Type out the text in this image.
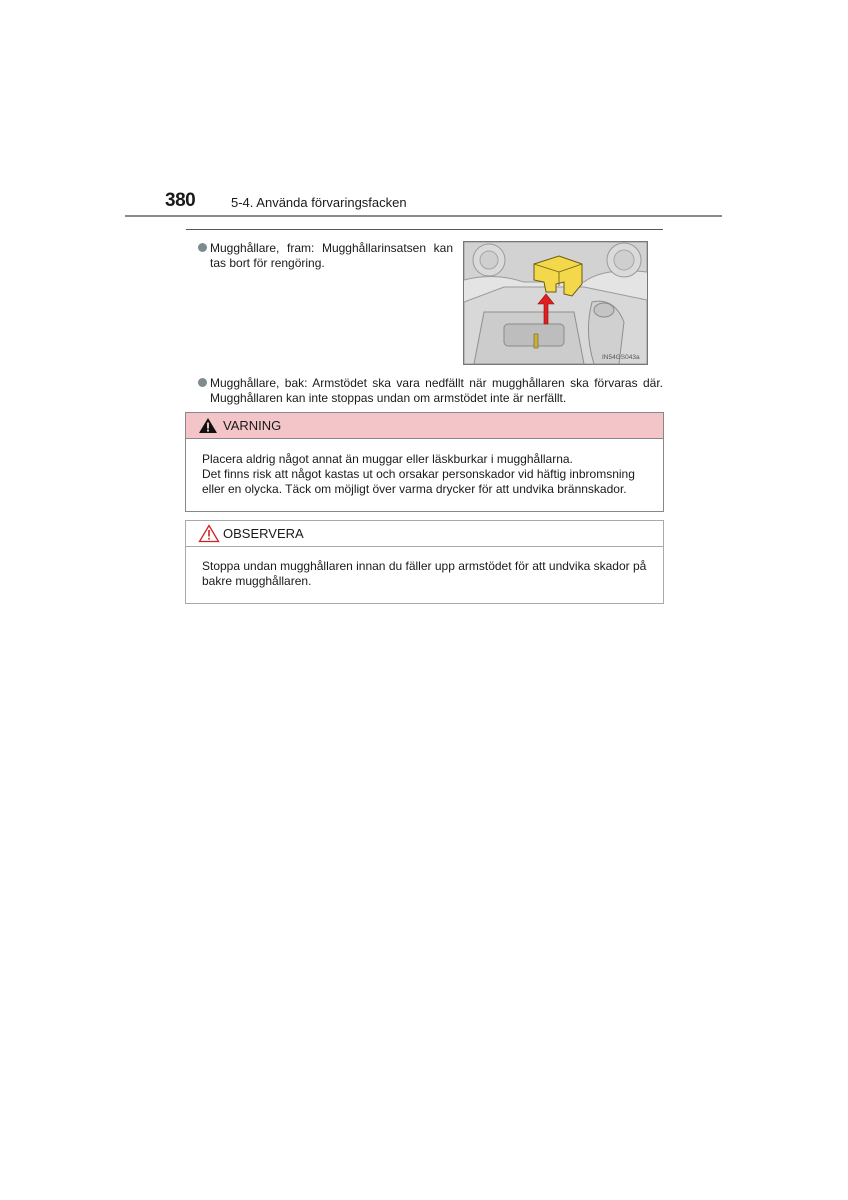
380	5-4. Använda förvaringsfacken
Mugghållare, fram: Mugghållarinsatsen kan tas bort för rengöring.
IN54GS043a
Mugghållare, bak: Armstödet ska vara nedfällt när mugghållaren ska förvaras där. Mugghållaren kan inte stoppas undan om armstödet inte är nerfällt.
VARNING
Placera aldrig något annat än muggar eller läskburkar i mugghållarna.
Det finns risk att något kastas ut och orsakar personskador vid häftig inbromsning eller en olycka. Täck om möjligt över varma drycker för att undvika brännskador.
OBSERVERA
Stoppa undan mugghållaren innan du fäller upp armstödet för att undvika skador på bakre mugghållaren.
